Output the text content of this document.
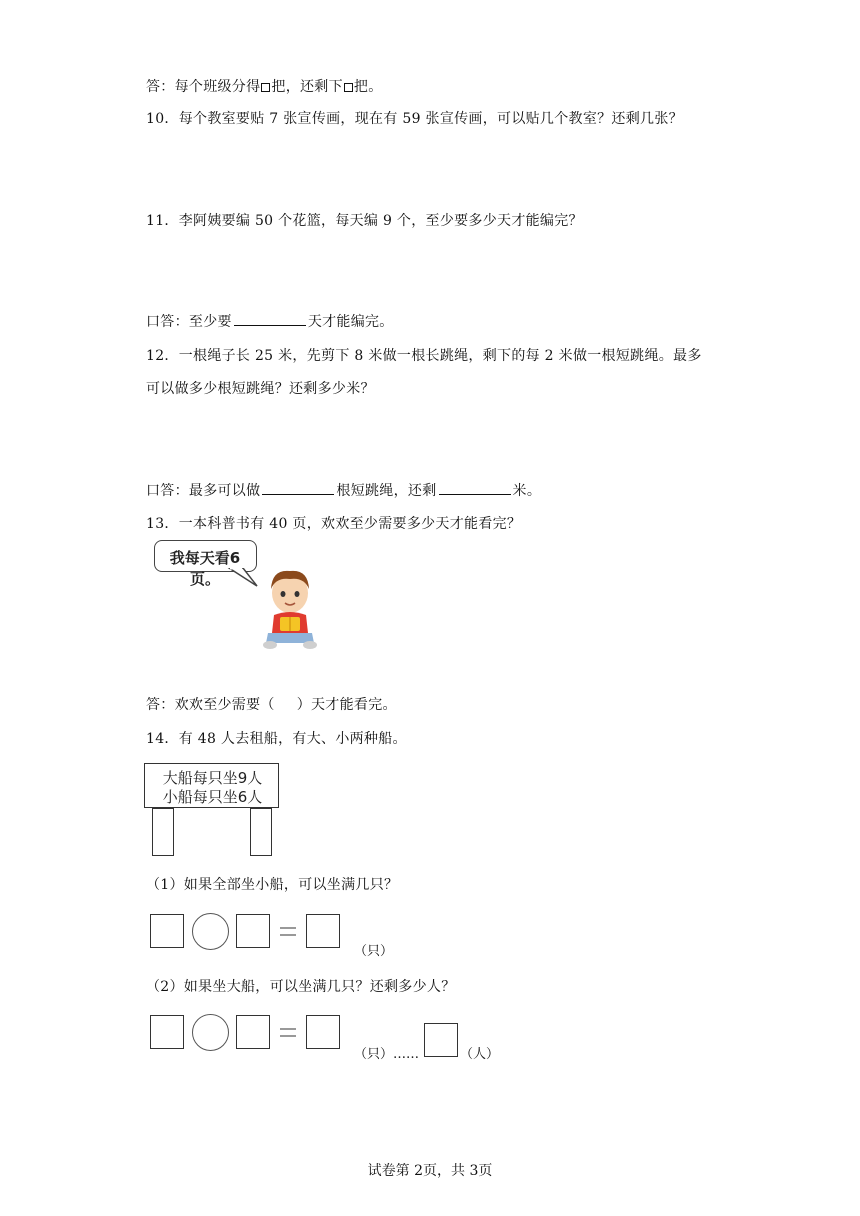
答：每个班级分得 把，还剩下 把。
10．每个教室要贴 7 张宣传画，现在有 59 张宣传画，可以贴几个教室？还剩几张？
11．李阿姨要编 50 个花篮，每天编 9 个，至少要多少天才能编完？
口答：至少要	天才能编完。
12．一根绳子长 25 米，先剪下 8 米做一根长跳绳，剩下的每 2 米做一根短跳绳。最多
可以做多少根短跳绳？还剩多少米？
口答：最多可以做	根短跳绳，还剩	米。
13．一本科普书有 40 页，欢欢至少需要多少天才能看完？
我每天看6页。
答：欢欢至少需要（ ）天才能看完。
14．有 48 人去租船，有大、小两种船。
大船每只坐9人
小船每只坐6人
（1）如果全部坐小船，可以坐满几只？
（只）
（2）如果坐大船，可以坐满几只？还剩多少人？
（只）……	（人）
试卷第 2页，共 3页
